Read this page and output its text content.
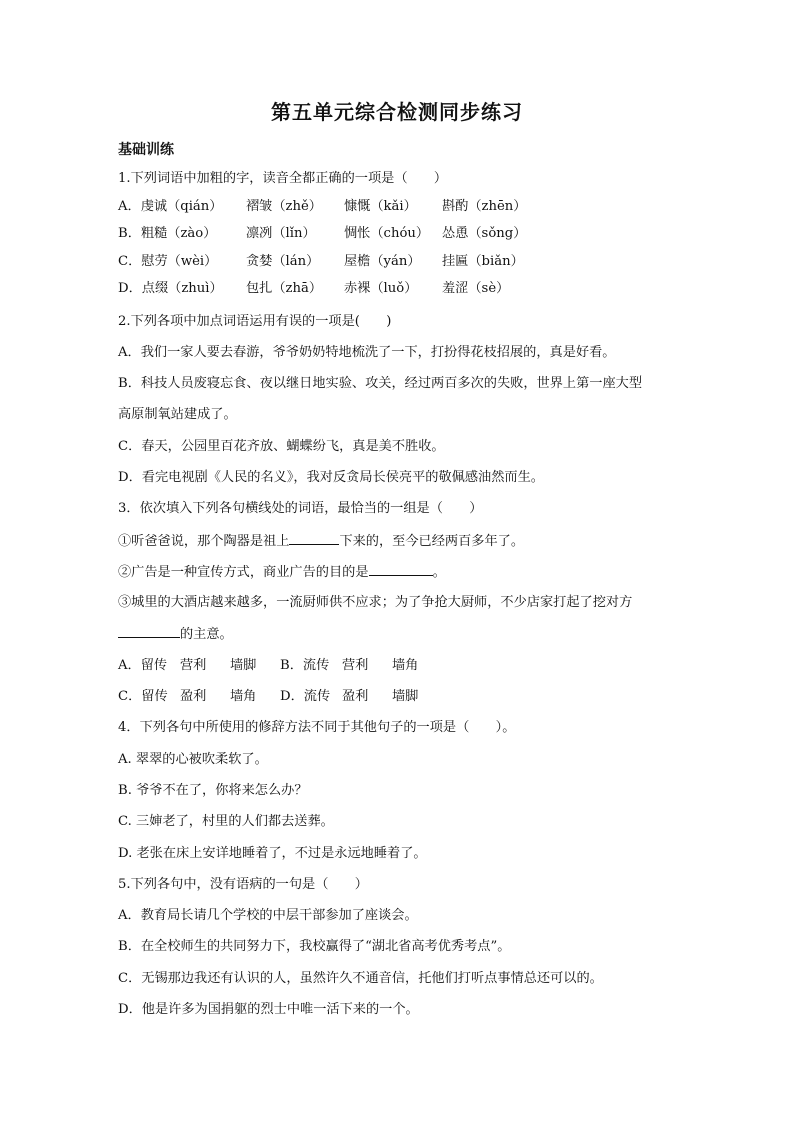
第五单元综合检测同步练习
基础训练
1.下列词语中加粗的字，读音全都正确的一项是（　　）
A．虔诚（qián） 褶皱（zhě） 慷慨（kǎi） 斟酌（zhēn）
B．粗糙（zào） 凛冽（lǐn） 惆怅（chóu） 怂恿（sǒng）
C．慰劳（wèi） 贪婪（lán） 屋檐（yán） 挂匾（biǎn）
D．点缀（zhuì） 包扎（zhā） 赤裸（luǒ） 羞涩（sè）
2.下列各项中加点词语运用有误的一项是(　　)
A．我们一家人要去春游，爷爷奶奶特地梳洗了一下，打扮得花枝招展的，真是好看。
B．科技人员废寝忘食、夜以继日地实验、攻关，经过两百多次的失败，世界上第一座大型
高原制氧站建成了。
C．春天，公园里百花齐放、蝴蝶纷飞，真是美不胜收。
D．看完电视剧《人民的名义》，我对反贪局长侯亮平的敬佩感油然而生。
3．依次填入下列各句横线处的词语，最恰当的一组是（　　）
①听爸爸说，那个陶器是祖上	下来的，至今已经两百多年了。
②广告是一种宣传方式，商业广告的目的是	。
③城里的大酒店越来越多，一流厨师供不应求；为了争抢大厨师，不少店家打起了挖对方
的主意。
A．留传 营利 墙脚 B．流传 营利 墙角
C．留传 盈利 墙角 D．流传 盈利 墙脚
4．下列各句中所使用的修辞方法不同于其他句子的一项是（　　）。
A. 翠翠的心被吹柔软了。
B. 爷爷不在了，你将来怎么办？
C. 三婶老了，村里的人们都去送葬。
D. 老张在床上安详地睡着了，不过是永远地睡着了。
5.下列各句中，没有语病的一句是（　　）
A．教育局长请几个学校的中层干部参加了座谈会。
B．在全校师生的共同努力下，我校赢得了“湖北省高考优秀考点”。
C．无锡那边我还有认识的人，虽然许久不通音信，托他们打听点事情总还可以的。
D．他是许多为国捐躯的烈士中唯一活下来的一个。
